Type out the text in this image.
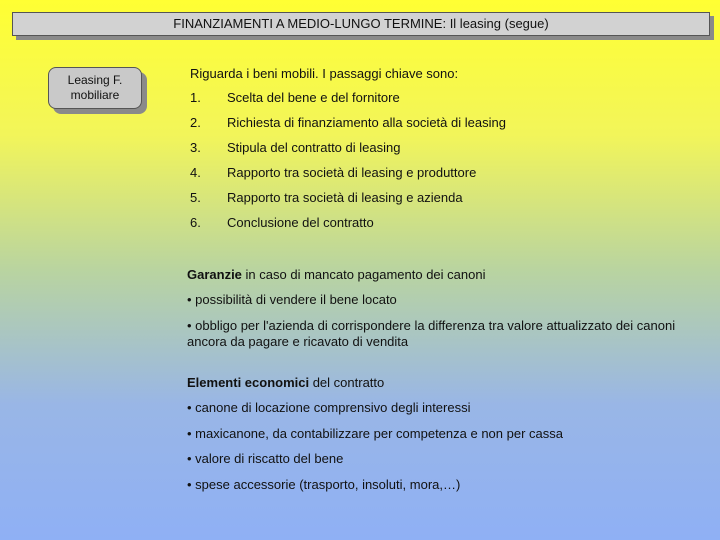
FINANZIAMENTI A MEDIO-LUNGO TERMINE: Il leasing (segue)
Leasing F.
mobiliare
Riguarda i beni mobili. I passaggi chiave sono:
1.	Scelta del bene e del fornitore
2.	Richiesta di finanziamento alla società di leasing
3.	Stipula del contratto di leasing
4.	Rapporto tra società di leasing e produttore
5.	Rapporto tra società di leasing e azienda
6.	Conclusione del contratto
Garanzie in caso di mancato pagamento dei canoni
• possibilità di vendere il bene locato
• obbligo per l'azienda di corrispondere la differenza tra valore attualizzato dei canoni ancora da pagare e ricavato di vendita
Elementi economici del contratto
• canone di locazione comprensivo degli interessi
• maxicanone, da contabilizzare per competenza e non per cassa
• valore di riscatto del bene
• spese accessorie (trasporto, insoluti, mora,…)
